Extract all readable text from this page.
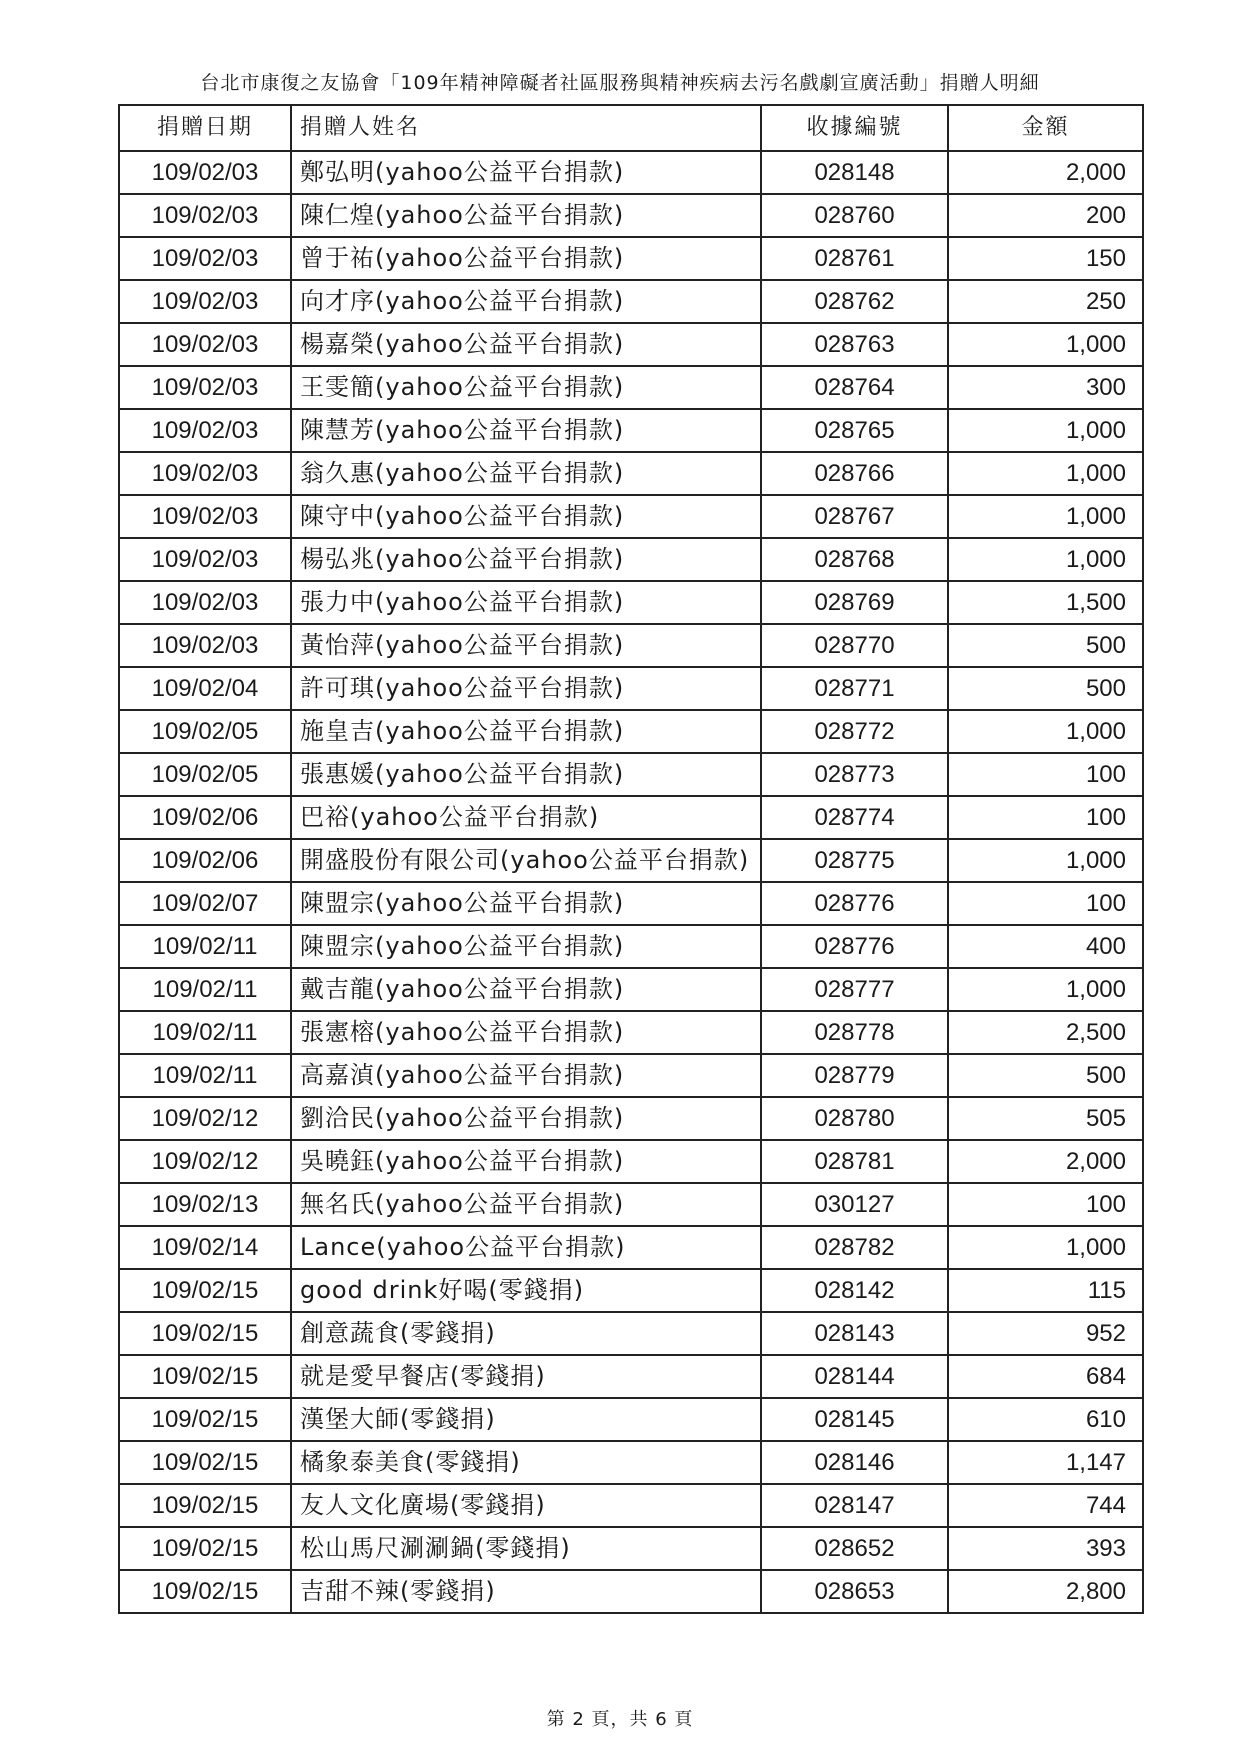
台北市康復之友協會「109年精神障礙者社區服務與精神疾病去污名戲劇宣廣活動」捐贈人明細
捐贈日期	捐贈人姓名	收據編號	金額
109/02/03	鄭弘明(yahoo公益平台捐款)	028148	2,000
109/02/03	陳仁煌(yahoo公益平台捐款)	028760	200
109/02/03	曾于祐(yahoo公益平台捐款)	028761	150
109/02/03	向才序(yahoo公益平台捐款)	028762	250
109/02/03	楊嘉榮(yahoo公益平台捐款)	028763	1,000
109/02/03	王雯簡(yahoo公益平台捐款)	028764	300
109/02/03	陳慧芳(yahoo公益平台捐款)	028765	1,000
109/02/03	翁久惠(yahoo公益平台捐款)	028766	1,000
109/02/03	陳守中(yahoo公益平台捐款)	028767	1,000
109/02/03	楊弘兆(yahoo公益平台捐款)	028768	1,000
109/02/03	張力中(yahoo公益平台捐款)	028769	1,500
109/02/03	黃怡萍(yahoo公益平台捐款)	028770	500
109/02/04	許可琪(yahoo公益平台捐款)	028771	500
109/02/05	施皇吉(yahoo公益平台捐款)	028772	1,000
109/02/05	張惠媛(yahoo公益平台捐款)	028773	100
109/02/06	巴裕(yahoo公益平台捐款)	028774	100
109/02/06	開盛股份有限公司(yahoo公益平台捐款)	028775	1,000
109/02/07	陳盟宗(yahoo公益平台捐款)	028776	100
109/02/11	陳盟宗(yahoo公益平台捐款)	028776	400
109/02/11	戴吉龍(yahoo公益平台捐款)	028777	1,000
109/02/11	張憲榕(yahoo公益平台捐款)	028778	2,500
109/02/11	高嘉湞(yahoo公益平台捐款)	028779	500
109/02/12	劉洽民(yahoo公益平台捐款)	028780	505
109/02/12	吳曉鈺(yahoo公益平台捐款)	028781	2,000
109/02/13	無名氏(yahoo公益平台捐款)	030127	100
109/02/14	Lance(yahoo公益平台捐款)	028782	1,000
109/02/15	good drink好喝(零錢捐)	028142	115
109/02/15	創意蔬食(零錢捐)	028143	952
109/02/15	就是愛早餐店(零錢捐)	028144	684
109/02/15	漢堡大師(零錢捐)	028145	610
109/02/15	橘象泰美食(零錢捐)	028146	1,147
109/02/15	友人文化廣場(零錢捐)	028147	744
109/02/15	松山馬尺涮涮鍋(零錢捐)	028652	393
109/02/15	吉甜不辣(零錢捐)	028653	2,800
第 2 頁，共 6 頁
